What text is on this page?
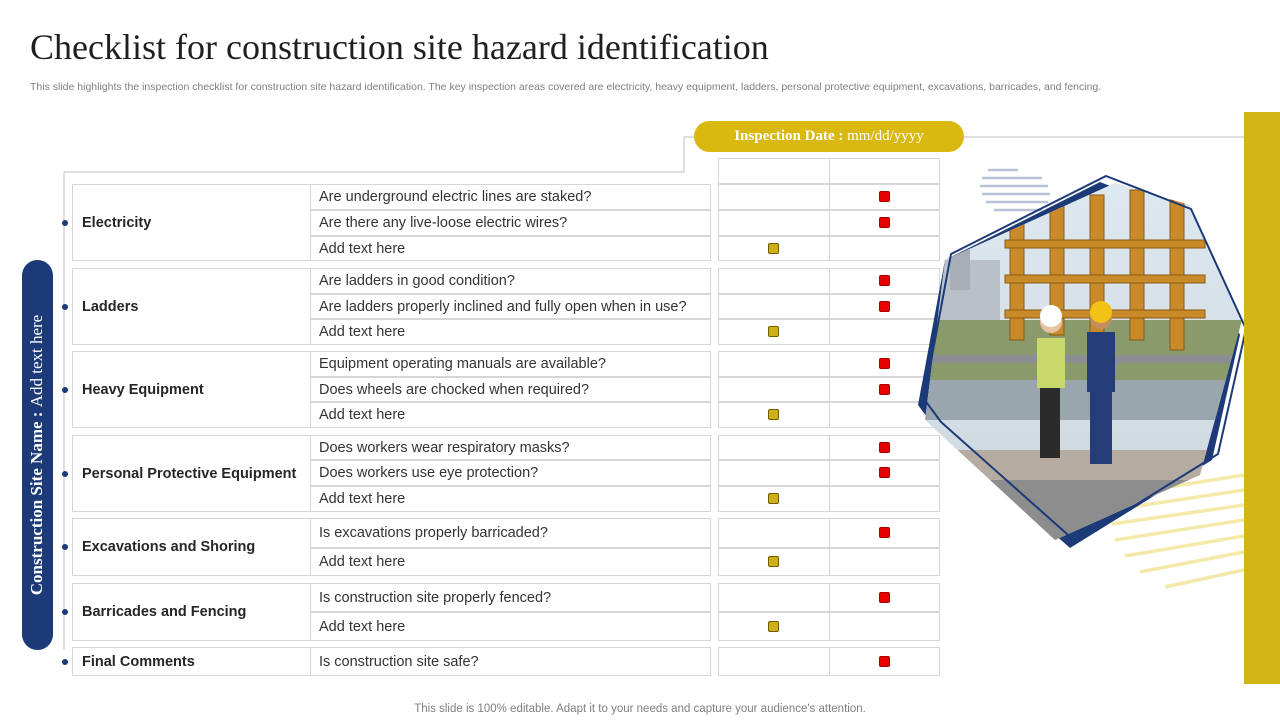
Checklist for construction site hazard identification
This slide highlights the inspection checklist for construction site hazard identification. The key inspection areas covered are electricity, heavy equipment, ladders, personal protective equipment, excavations, barricades, and fencing.
Inspection Date : mm/dd/yyyy
Construction Site Name : Add text here
Electricity
Are underground electric lines are staked?
Are there any live-loose electric wires?
Add text here
Ladders
Are ladders in good condition?
Are ladders properly inclined and fully open when in use?
Add text here
Heavy Equipment
Equipment operating manuals are available?
Does wheels are chocked when required?
Add text here
Personal Protective Equipment
Does workers wear respiratory masks?
Does workers use eye protection?
Add text here
Excavations and Shoring
Is excavations properly barricaded?
Add text here
Barricades and Fencing
Is construction site properly fenced?
Add text here
Final Comments	Is construction site safe?
This slide is 100% editable. Adapt it to your needs and capture your audience's attention.
